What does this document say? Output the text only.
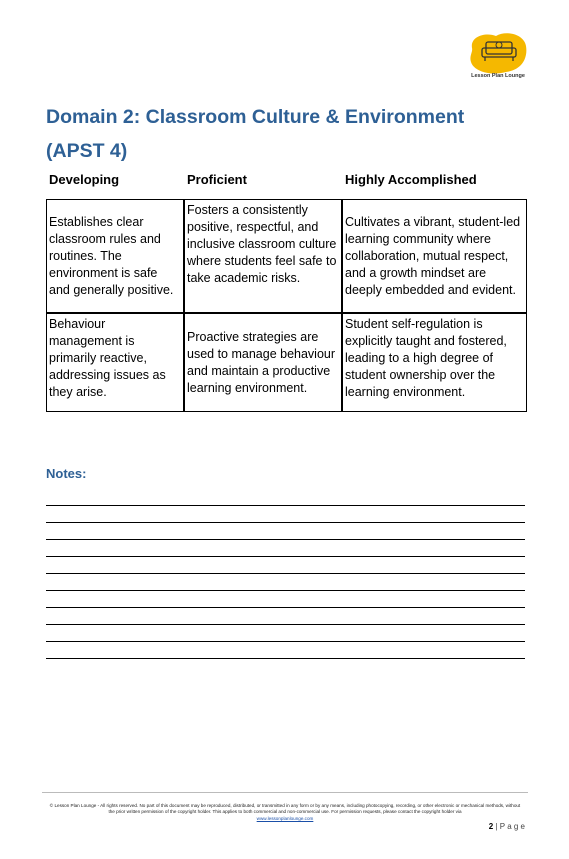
Lesson Plan Lounge
Domain 2: Classroom Culture & Environment
(APST 4)
Developing	Proficient	Highly Accomplished
Establishes clear classroom rules and routines. The environment is safe and generally positive.
Fosters a consistently positive, respectful, and inclusive classroom culture where students feel safe to take academic risks.
Cultivates a vibrant, student-led learning community where collaboration, mutual respect, and a growth mindset are deeply embedded and evident.
Behaviour management is primarily reactive, addressing issues as they arise.
Proactive strategies are used to manage behaviour and maintain a productive learning environment.
Student self-regulation is explicitly taught and fostered, leading to a high degree of student ownership over the learning environment.
Notes:
© Lesson Plan Lounge - All rights reserved. No part of this document may be reproduced, distributed, or transmitted in any form or by any means, including photocopying, recording, or other electronic or mechanical methods, without the prior written permission of the copyright holder. This applies to both commercial and non-commercial use. For permission requests, please contact the copyright holder via
www.lessonplanlounge.com
2 | P a g e
